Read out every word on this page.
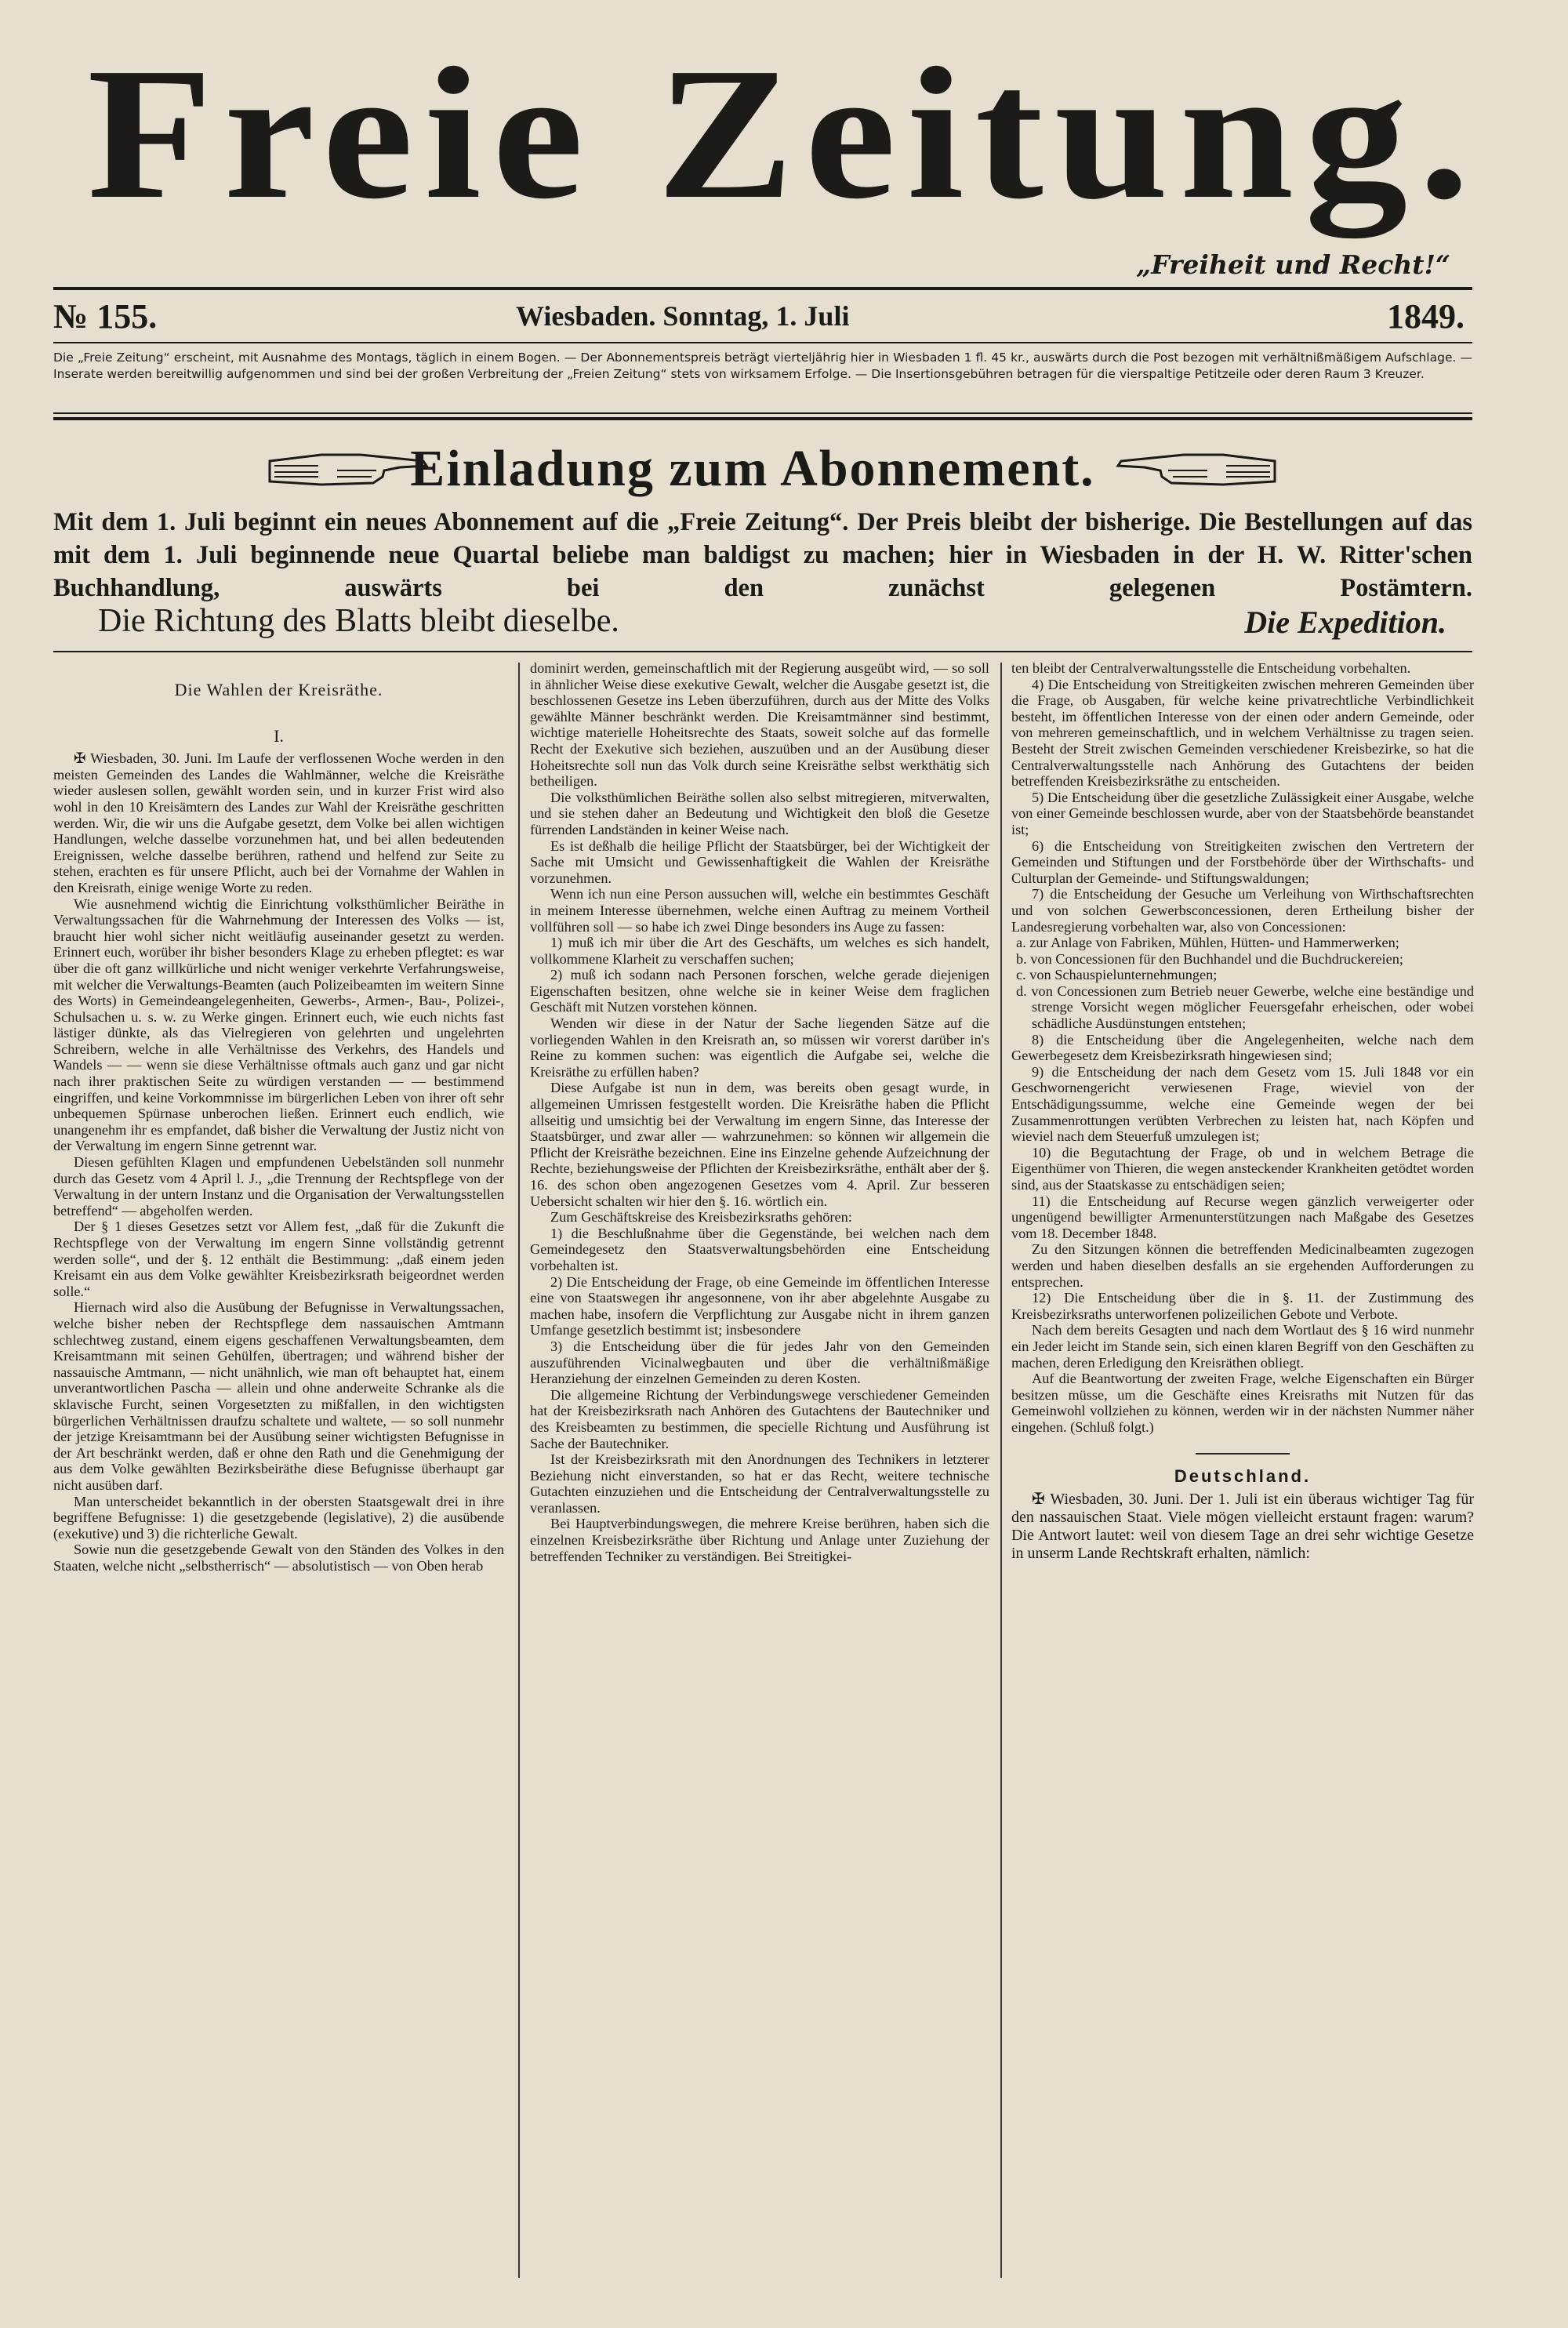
Freie Zeitung.
„Freiheit und Recht!“
№ 155.	Wiesbaden. Sonntag, 1. Juli	1849.
Die „Freie Zeitung“ erscheint, mit Ausnahme des Montags, täglich in einem Bogen. — Der Abonnementspreis beträgt vierteljährig hier in Wiesbaden 1 fl. 45 kr., auswärts durch die Post bezogen mit verhältnißmäßigem Aufschlage. — Inserate werden bereitwillig aufgenommen und sind bei der großen Verbreitung der „Freien Zeitung“ stets von wirksamem Erfolge. — Die Insertionsgebühren betragen für die vierspaltige Petitzeile oder deren Raum 3 Kreuzer.
Einladung zum Abonnement.
Mit dem 1. Juli beginnt ein neues Abonnement auf die „Freie Zeitung“. Der Preis bleibt der bisherige. Die Bestellungen auf das mit dem 1. Juli beginnende neue Quartal beliebe man baldigst zu machen; hier in Wiesbaden in der H. W. Ritter'schen Buchhandlung, auswärts bei den zunächst gelegenen Postämtern.
Die Richtung des Blatts bleibt dieselbe.	Die Expedition.

Die Wahlen der Kreisräthe.

I.

✠ Wiesbaden, 30. Juni. Im Laufe der verflossenen Woche werden in den meisten Gemeinden des Landes die Wahlmänner, welche die Kreisräthe wieder auslesen sollen, gewählt worden sein, und in kurzer Frist wird also wohl in den 10 Kreisämtern des Landes zur Wahl der Kreisräthe geschritten werden. Wir, die wir uns die Aufgabe gesetzt, dem Volke bei allen wichtigen Handlungen, welche dasselbe vorzunehmen hat, und bei allen bedeutenden Ereignissen, welche dasselbe berühren, rathend und helfend zur Seite zu stehen, erachten es für unsere Pflicht, auch bei der Vornahme der Wahlen in den Kreisrath, einige wenige Worte zu reden.

Wie ausnehmend wichtig die Einrichtung volksthümlicher Beiräthe in Verwaltungssachen für die Wahrnehmung der Interessen des Volks — ist, braucht hier wohl sicher nicht weitläufig auseinander gesetzt zu werden. Erinnert euch, worüber ihr bisher besonders Klage zu erheben pflegtet: es war über die oft ganz willkürliche und nicht weniger verkehrte Verfahrungsweise, mit welcher die Verwaltungs-Beamten (auch Polizeibeamten im weitern Sinne des Worts) in Gemeindeangelegenheiten, Gewerbs-, Armen-, Bau-, Polizei-, Schulsachen u. s. w. zu Werke gingen. Erinnert euch, wie euch nichts fast lästiger dünkte, als das Vielregieren von gelehrten und ungelehrten Schreibern, welche in alle Verhältnisse des Verkehrs, des Handels und Wandels — — wenn sie diese Verhältnisse oftmals auch ganz und gar nicht nach ihrer praktischen Seite zu würdigen verstanden — — bestimmend eingriffen, und keine Vorkommnisse im bürgerlichen Leben von ihrer oft sehr unbequemen Spürnase unberochen ließen. Erinnert euch endlich, wie unangenehm ihr es empfandet, daß bisher die Verwaltung der Justiz nicht von der Verwaltung im engern Sinne getrennt war.

Diesen gefühlten Klagen und empfundenen Uebelständen soll nunmehr durch das Gesetz vom 4 April l. J., „die Trennung der Rechtspflege von der Verwaltung in der untern Instanz und die Organisation der Verwaltungsstellen betreffend“ — abgeholfen werden.

Der § 1 dieses Gesetzes setzt vor Allem fest, „daß für die Zukunft die Rechtspflege von der Verwaltung im engern Sinne vollständig getrennt werden solle“, und der §. 12 enthält die Bestimmung: „daß einem jeden Kreisamt ein aus dem Volke gewählter Kreisbezirksrath beigeordnet werden solle.“

Hiernach wird also die Ausübung der Befugnisse in Verwaltungssachen, welche bisher neben der Rechtspflege dem nassauischen Amtmann schlechtweg zustand, einem eigens geschaffenen Verwaltungsbeamten, dem Kreisamtmann mit seinen Gehülfen, übertragen; und während bisher der nassauische Amtmann, — nicht unähnlich, wie man oft behauptet hat, einem unverantwortlichen Pascha — allein und ohne anderweite Schranke als die sklavische Furcht, seinen Vorgesetzten zu mißfallen, in den wichtigsten bürgerlichen Verhältnissen draufzu schaltete und waltete, — so soll nunmehr der jetzige Kreisamtmann bei der Ausübung seiner wichtigsten Befugnisse in der Art beschränkt werden, daß er ohne den Rath und die Genehmigung der aus dem Volke gewählten Bezirksbeiräthe diese Befugnisse überhaupt gar nicht ausüben darf.

Man unterscheidet bekanntlich in der obersten Staatsgewalt drei in ihre begriffene Befugnisse: 1) die gesetzgebende (legislative), 2) die ausübende (exekutive) und 3) die richterliche Gewalt.

Sowie nun die gesetzgebende Gewalt von den Ständen des Volkes in den Staaten, welche nicht „selbstherrisch“ — absolutistisch — von Oben herab

dominirt werden, gemeinschaftlich mit der Regierung ausgeübt wird, — so soll in ähnlicher Weise diese exekutive Gewalt, welcher die Ausgabe gesetzt ist, die beschlossenen Gesetze ins Leben überzuführen, durch aus der Mitte des Volks gewählte Männer beschränkt werden. Die Kreisamtmänner sind bestimmt, wichtige materielle Hoheitsrechte des Staats, soweit solche auf das formelle Recht der Exekutive sich beziehen, auszuüben und an der Ausübung dieser Hoheitsrechte soll nun das Volk durch seine Kreisräthe selbst werkthätig sich betheiligen.

Die volksthümlichen Beiräthe sollen also selbst mitregieren, mitverwalten, und sie stehen daher an Bedeutung und Wichtigkeit den bloß die Gesetze fürrenden Landständen in keiner Weise nach.

Es ist deßhalb die heilige Pflicht der Staatsbürger, bei der Wichtigkeit der Sache mit Umsicht und Gewissenhaftigkeit die Wahlen der Kreisräthe vorzunehmen.

Wenn ich nun eine Person aussuchen will, welche ein bestimmtes Geschäft in meinem Interesse übernehmen, welche einen Auftrag zu meinem Vortheil vollführen soll — so habe ich zwei Dinge besonders ins Auge zu fassen:

1) muß ich mir über die Art des Geschäfts, um welches es sich handelt, vollkommene Klarheit zu verschaffen suchen;

2) muß ich sodann nach Personen forschen, welche gerade diejenigen Eigenschaften besitzen, ohne welche sie in keiner Weise dem fraglichen Geschäft mit Nutzen vorstehen können.

Wenden wir diese in der Natur der Sache liegenden Sätze auf die vorliegenden Wahlen in den Kreisrath an, so müssen wir vorerst darüber in's Reine zu kommen suchen: was eigentlich die Aufgabe sei, welche die Kreisräthe zu erfüllen haben?

Diese Aufgabe ist nun in dem, was bereits oben gesagt wurde, in allgemeinen Umrissen festgestellt worden. Die Kreisräthe haben die Pflicht allseitig und umsichtig bei der Verwaltung im engern Sinne, das Interesse der Staatsbürger, und zwar aller — wahrzunehmen: so können wir allgemein die Pflicht der Kreisräthe bezeichnen. Eine ins Einzelne gehende Aufzeichnung der Rechte, beziehungsweise der Pflichten der Kreisbezirksräthe, enthält aber der §. 16. des schon oben angezogenen Gesetzes vom 4. April. Zur besseren Uebersicht schalten wir hier den §. 16. wörtlich ein.

Zum Geschäftskreise des Kreisbezirksraths gehören:

1) die Beschlußnahme über die Gegenstände, bei welchen nach dem Gemeindegesetz den Staatsverwaltungsbehörden eine Entscheidung vorbehalten ist.

2) Die Entscheidung der Frage, ob eine Gemeinde im öffentlichen Interesse eine von Staatswegen ihr angesonnene, von ihr aber abgelehnte Ausgabe zu machen habe, insofern die Verpflichtung zur Ausgabe nicht in ihrem ganzen Umfange gesetzlich bestimmt ist; insbesondere

3) die Entscheidung über die für jedes Jahr von den Gemeinden auszuführenden Vicinalwegbauten und über die verhältnißmäßige Heranziehung der einzelnen Gemeinden zu deren Kosten.

Die allgemeine Richtung der Verbindungswege verschiedener Gemeinden hat der Kreisbezirksrath nach Anhören des Gutachtens der Bautechniker und des Kreisbeamten zu bestimmen, die specielle Richtung und Ausführung ist Sache der Bautechniker.

Ist der Kreisbezirksrath mit den Anordnungen des Technikers in letzterer Beziehung nicht einverstanden, so hat er das Recht, weitere technische Gutachten einzuziehen und die Entscheidung der Centralverwaltungsstelle zu veranlassen.

Bei Hauptverbindungswegen, die mehrere Kreise berühren, haben sich die einzelnen Kreisbezirksräthe über Richtung und Anlage unter Zuziehung der betreffenden Techniker zu verständigen. Bei Streitigkei-

ten bleibt der Centralverwaltungsstelle die Entscheidung vorbehalten.

4) Die Entscheidung von Streitigkeiten zwischen mehreren Gemeinden über die Frage, ob Ausgaben, für welche keine privatrechtliche Verbindlichkeit besteht, im öffentlichen Interesse von der einen oder andern Gemeinde, oder von mehreren gemeinschaftlich, und in welchem Verhältnisse zu tragen seien. Besteht der Streit zwischen Gemeinden verschiedener Kreisbezirke, so hat die Centralverwaltungsstelle nach Anhörung des Gutachtens der beiden betreffenden Kreisbezirksräthe zu entscheiden.

5) Die Entscheidung über die gesetzliche Zulässigkeit einer Ausgabe, welche von einer Gemeinde beschlossen wurde, aber von der Staatsbehörde beanstandet ist;

6) die Entscheidung von Streitigkeiten zwischen den Vertretern der Gemeinden und Stiftungen und der Forstbehörde über der Wirthschafts- und Culturplan der Gemeinde- und Stiftungswaldungen;

7) die Entscheidung der Gesuche um Verleihung von Wirthschaftsrechten und von solchen Gewerbsconcessionen, deren Ertheilung bisher der Landesregierung vorbehalten war, also von Concessionen:

a. zur Anlage von Fabriken, Mühlen, Hütten- und Hammerwerken;

b. von Concessionen für den Buchhandel und die Buchdruckereien;

c. von Schauspielunternehmungen;

d. von Concessionen zum Betrieb neuer Gewerbe, welche eine beständige und strenge Vorsicht wegen möglicher Feuersgefahr erheischen, oder wobei schädliche Ausdünstungen entstehen;

8) die Entscheidung über die Angelegenheiten, welche nach dem Gewerbegesetz dem Kreisbezirksrath hingewiesen sind;

9) die Entscheidung der nach dem Gesetz vom 15. Juli 1848 vor ein Geschwornengericht verwiesenen Frage, wieviel von der Entschädigungssumme, welche eine Gemeinde wegen der bei Zusammenrottungen verübten Verbrechen zu leisten hat, nach Köpfen und wieviel nach dem Steuerfuß umzulegen ist;

10) die Begutachtung der Frage, ob und in welchem Betrage die Eigenthümer von Thieren, die wegen ansteckender Krankheiten getödtet worden sind, aus der Staatskasse zu entschädigen seien;

11) die Entscheidung auf Recurse wegen gänzlich verweigerter oder ungenügend bewilligter Armenunterstützungen nach Maßgabe des Gesetzes vom 18. December 1848.

Zu den Sitzungen können die betreffenden Medicinalbeamten zugezogen werden und haben dieselben desfalls an sie ergehenden Aufforderungen zu entsprechen.

12) Die Entscheidung über die in §. 11. der Zustimmung des Kreisbezirksraths unterworfenen polizeilichen Gebote und Verbote.

Nach dem bereits Gesagten und nach dem Wortlaut des § 16 wird nunmehr ein Jeder leicht im Stande sein, sich einen klaren Begriff von den Geschäften zu machen, deren Erledigung den Kreisräthen obliegt.

Auf die Beantwortung der zweiten Frage, welche Eigenschaften ein Bürger besitzen müsse, um die Geschäfte eines Kreisraths mit Nutzen für das Gemeinwohl vollziehen zu können, werden wir in der nächsten Nummer näher eingehen. (Schluß folgt.)

Deutschland.

✠ Wiesbaden, 30. Juni. Der 1. Juli ist ein überaus wichtiger Tag für den nassauischen Staat. Viele mögen vielleicht erstaunt fragen: warum? Die Antwort lautet: weil von diesem Tage an drei sehr wichtige Gesetze in unserm Lande Rechtskraft erhalten, nämlich:
